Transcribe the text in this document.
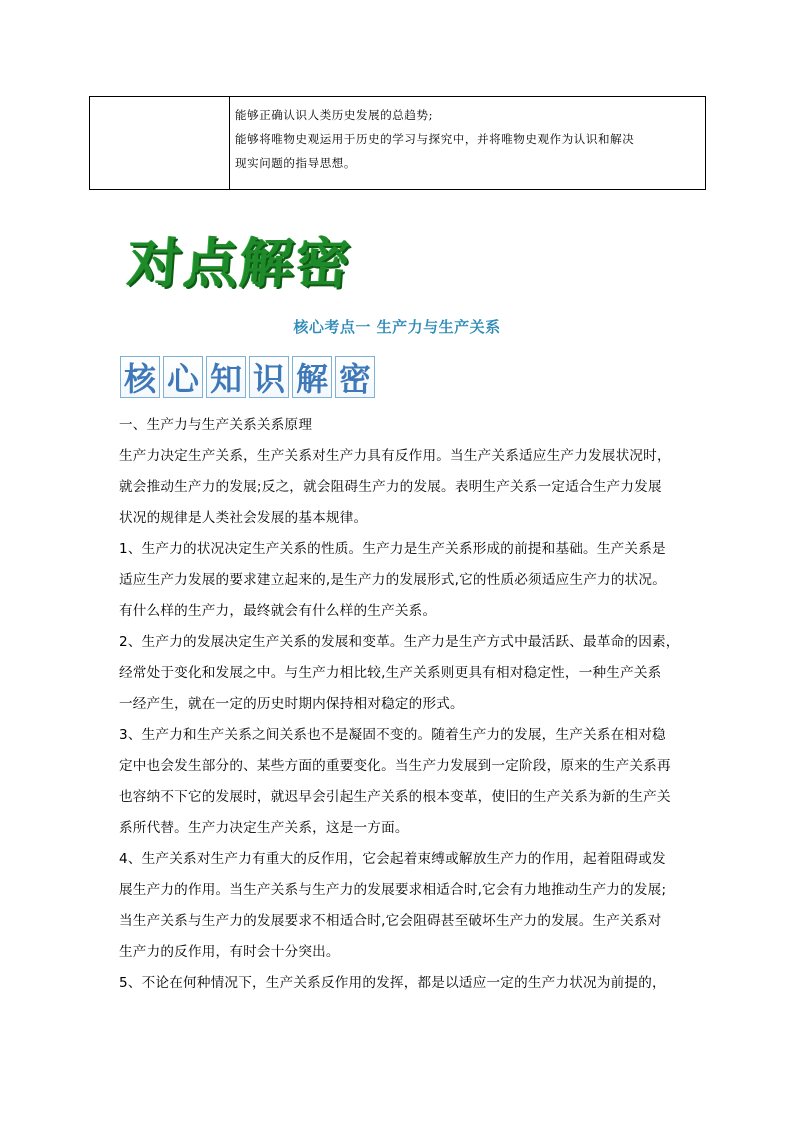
能够正确认识人类历史发展的总趋势;

能够将唯物史观运用于历史的学习与探究中，并将唯物史观作为认识和解决

现实问题的指导思想。

对点解密
核心考点一 生产力与生产关系
核 心 知 识 解 密

一、生产力与生产关系关系原理

生产力决定生产关系，生产关系对生产力具有反作用。当生产关系适应生产力发展状况时，

就会推动生产力的发展;反之，就会阻碍生产力的发展。表明生产关系一定适合生产力发展

状况的规律是人类社会发展的基本规律。

1、生产力的状况决定生产关系的性质。生产力是生产关系形成的前提和基础。生产关系是

适应生产力发展的要求建立起来的,是生产力的发展形式,它的性质必须适应生产力的状况。

有什么样的生产力，最终就会有什么样的生产关系。

2、生产力的发展决定生产关系的发展和变革。生产力是生产方式中最活跃、最革命的因素，

经常处于变化和发展之中。与生产力相比较,生产关系则更具有相对稳定性，一种生产关系

一经产生，就在一定的历史时期内保持相对稳定的形式。

3、生产力和生产关系之间关系也不是凝固不变的。随着生产力的发展，生产关系在相对稳

定中也会发生部分的、某些方面的重要变化。当生产力发展到一定阶段，原来的生产关系再

也容纳不下它的发展时，就迟早会引起生产关系的根本变革，使旧的生产关系为新的生产关

系所代替。生产力决定生产关系，这是一方面。

4、生产关系对生产力有重大的反作用，它会起着束缚或解放生产力的作用，起着阻碍或发

展生产力的作用。当生产关系与生产力的发展要求相适合时,它会有力地推动生产力的发展;

当生产关系与生产力的发展要求不相适合时,它会阻碍甚至破坏生产力的发展。生产关系对

生产力的反作用，有时会十分突出。

5、不论在何种情况下，生产关系反作用的发挥，都是以适应一定的生产力状况为前提的，
